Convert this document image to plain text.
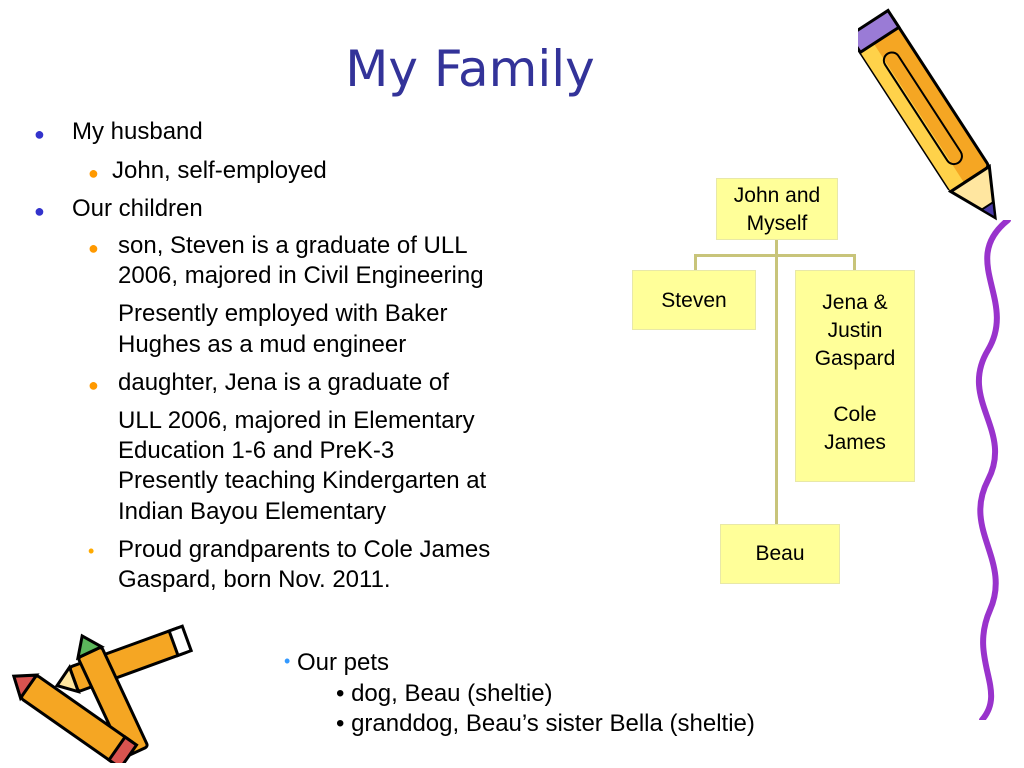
My Family
● My husband
● John, self-employed
● Our children
● son, Steven is a graduate of ULL
2006, majored in Civil Engineering
Presently employed with Baker
Hughes as a mud engineer
● daughter, Jena is a graduate of
ULL 2006, majored in Elementary
Education 1-6 and PreK-3
Presently teaching Kindergarten at
Indian Bayou Elementary
• Proud grandparents to Cole James
Gaspard, born Nov. 2011.
John and
Myself
Steven	Jena &
Justin
Gaspard
Cole
James
Beau
• Our pets
• dog, Beau (sheltie)
• granddog, Beau’s sister Bella (sheltie)
